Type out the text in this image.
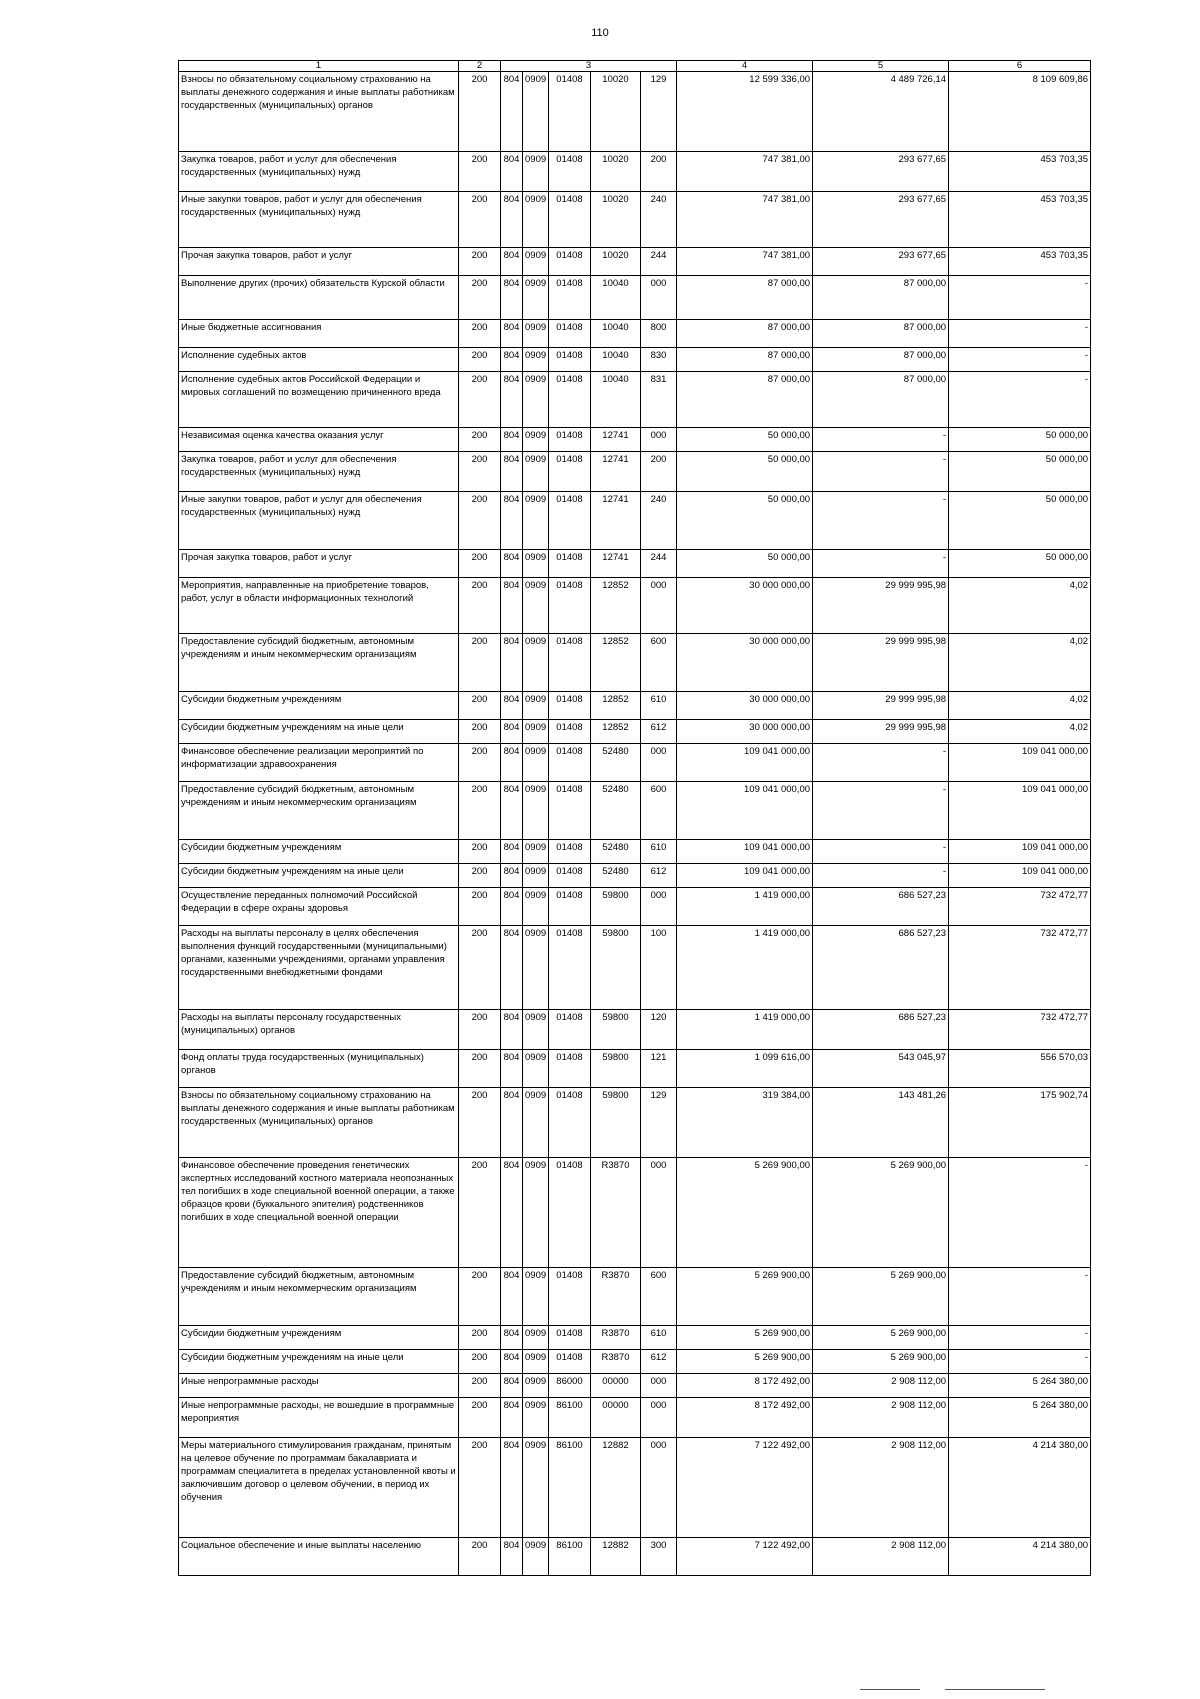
110
1	2	3					4	5	6
Взносы по обязательному социальному страхованию на выплаты денежного содержания и иные выплаты работникам государственных (муниципальных) органов	200	804	0909	01408	10020	129	12 599 336,00	4 489 726,14	8 109 609,86
Закупка товаров, работ и услуг для обеспечения государственных (муниципальных) нужд	200	804	0909	01408	10020	200	747 381,00	293 677,65	453 703,35
Иные закупки товаров, работ и услуг для обеспечения государственных (муниципальных) нужд	200	804	0909	01408	10020	240	747 381,00	293 677,65	453 703,35
Прочая закупка товаров, работ и услуг	200	804	0909	01408	10020	244	747 381,00	293 677,65	453 703,35
Выполнение других (прочих) обязательств Курской области	200	804	0909	01408	10040	000	87 000,00	87 000,00	-
Иные бюджетные ассигнования	200	804	0909	01408	10040	800	87 000,00	87 000,00	-
Исполнение судебных актов	200	804	0909	01408	10040	830	87 000,00	87 000,00	-
Исполнение судебных актов Российской Федерации и мировых соглашений по возмещению причиненного вреда	200	804	0909	01408	10040	831	87 000,00	87 000,00	-
Независимая оценка качества оказания услуг	200	804	0909	01408	12741	000	50 000,00	-	50 000,00
Закупка товаров, работ и услуг для обеспечения государственных (муниципальных) нужд	200	804	0909	01408	12741	200	50 000,00	-	50 000,00
Иные закупки товаров, работ и услуг для обеспечения государственных (муниципальных) нужд	200	804	0909	01408	12741	240	50 000,00	-	50 000,00
Прочая закупка товаров, работ и услуг	200	804	0909	01408	12741	244	50 000,00	-	50 000,00
Мероприятия, направленные на приобретение товаров, работ, услуг в области информационных технологий	200	804	0909	01408	12852	000	30 000 000,00	29 999 995,98	4,02
Предоставление субсидий бюджетным, автономным учреждениям и иным некоммерческим организациям	200	804	0909	01408	12852	600	30 000 000,00	29 999 995,98	4,02
Субсидии бюджетным учреждениям	200	804	0909	01408	12852	610	30 000 000,00	29 999 995,98	4,02
Субсидии бюджетным учреждениям на иные цели	200	804	0909	01408	12852	612	30 000 000,00	29 999 995,98	4,02
Финансовое обеспечение реализации мероприятий по информатизации здравоохранения	200	804	0909	01408	52480	000	109 041 000,00	-	109 041 000,00
Предоставление субсидий бюджетным, автономным учреждениям и иным некоммерческим организациям	200	804	0909	01408	52480	600	109 041 000,00	-	109 041 000,00
Субсидии бюджетным учреждениям	200	804	0909	01408	52480	610	109 041 000,00	-	109 041 000,00
Субсидии бюджетным учреждениям на иные цели	200	804	0909	01408	52480	612	109 041 000,00	-	109 041 000,00
Осуществление переданных полномочий Российской Федерации в сфере охраны здоровья	200	804	0909	01408	59800	000	1 419 000,00	686 527,23	732 472,77
Расходы на выплаты персоналу в целях обеспечения выполнения функций государственными (муниципальными) органами, казенными учреждениями, органами управления государственными внебюджетными фондами	200	804	0909	01408	59800	100	1 419 000,00	686 527,23	732 472,77
Расходы на выплаты персоналу государственных (муниципальных) органов	200	804	0909	01408	59800	120	1 419 000,00	686 527,23	732 472,77
Фонд оплаты труда государственных (муниципальных) органов	200	804	0909	01408	59800	121	1 099 616,00	543 045,97	556 570,03
Взносы по обязательному социальному страхованию на выплаты денежного содержания и иные выплаты работникам государственных (муниципальных) органов	200	804	0909	01408	59800	129	319 384,00	143 481,26	175 902,74
Финансовое обеспечение проведения генетических экспертных исследований костного материала неопознанных тел погибших в ходе специальной военной операции, а также образцов крови (буккального эпителия) родственников погибших в ходе специальной военной операции	200	804	0909	01408	R3870	000	5 269 900,00	5 269 900,00	-
Предоставление субсидий бюджетным, автономным учреждениям и иным некоммерческим организациям	200	804	0909	01408	R3870	600	5 269 900,00	5 269 900,00	-
Субсидии бюджетным учреждениям	200	804	0909	01408	R3870	610	5 269 900,00	5 269 900,00	-
Субсидии бюджетным учреждениям на иные цели	200	804	0909	01408	R3870	612	5 269 900,00	5 269 900,00	-
Иные непрограммные расходы	200	804	0909	86000	00000	000	8 172 492,00	2 908 112,00	5 264 380,00
Иные непрограммные расходы, не вошедшие в программные мероприятия	200	804	0909	86100	00000	000	8 172 492,00	2 908 112,00	5 264 380,00
Меры материального стимулирования гражданам, принятым на целевое обучение по программам бакалавриата и программам специалитета в пределах установленной квоты и заключившим договор о целевом обучении, в период их обучения	200	804	0909	86100	12882	000	7 122 492,00	2 908 112,00	4 214 380,00
Социальное обеспечение и иные выплаты населению	200	804	0909	86100	12882	300	7 122 492,00	2 908 112,00	4 214 380,00
